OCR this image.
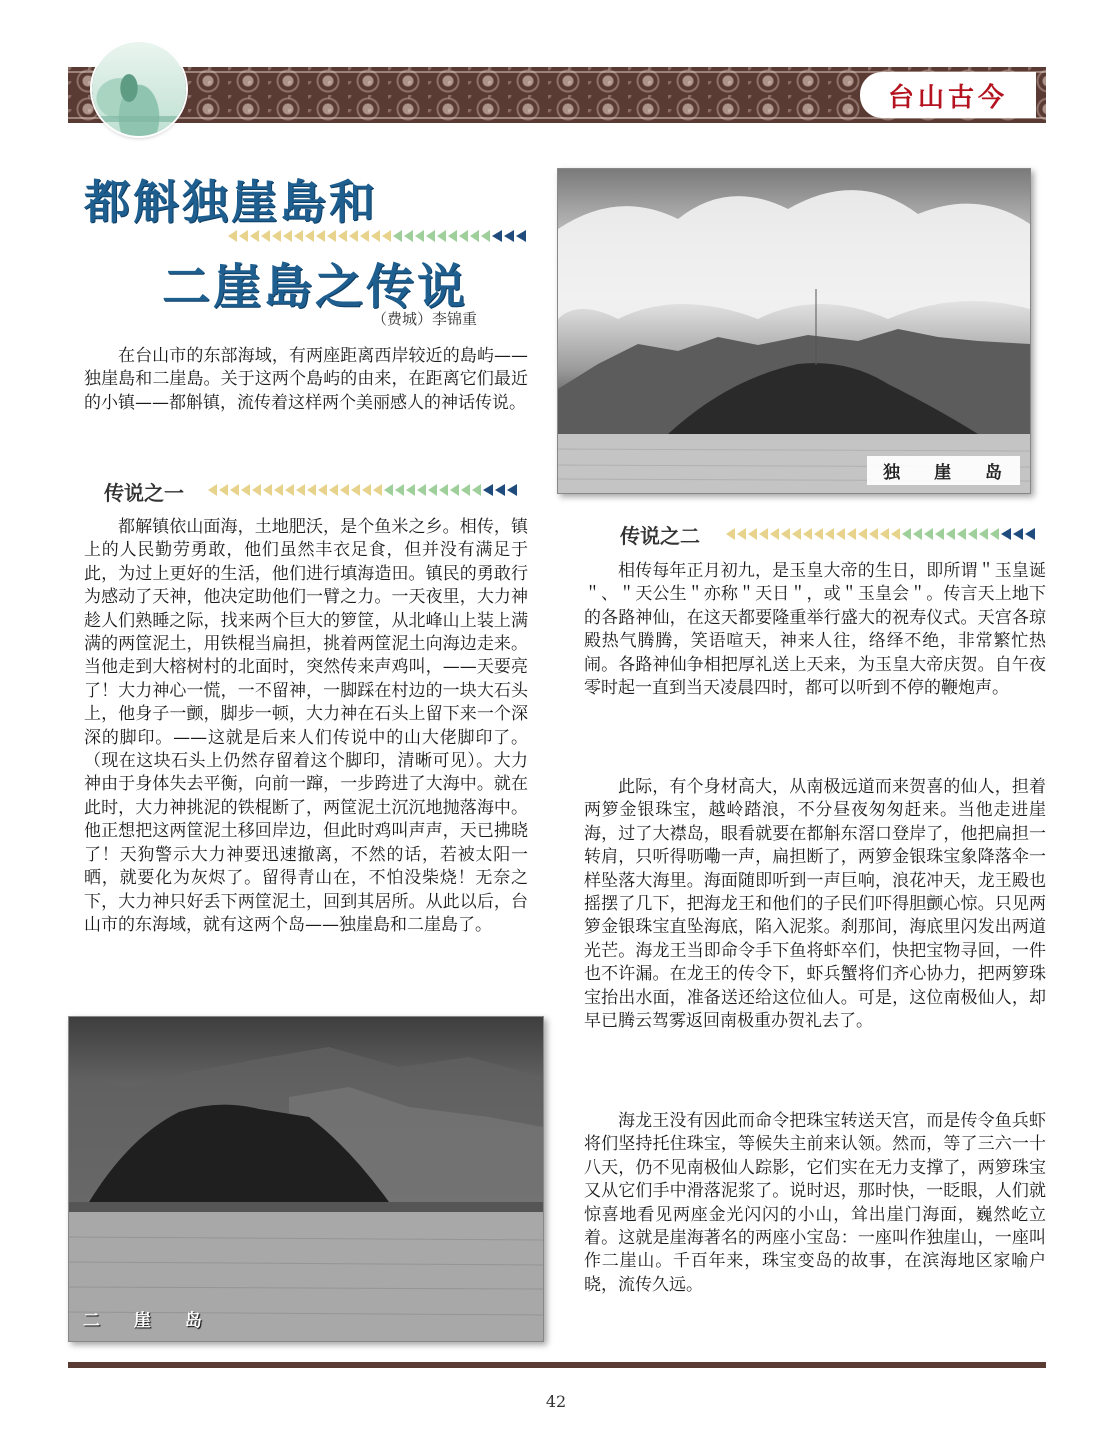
台山古今
都斛独崖島和
二崖島之传说
（费城）李锦重

在台山市的东部海域，有两座距离西岸较近的島屿——独崖島和二崖島。关于这两个島屿的由来，在距离它们最近的小镇——都斛镇，流传着这样两个美丽感人的神话传说。

传说之一

都解镇依山面海，土地肥沃，是个鱼米之乡。相传，镇上的人民勤劳勇敢，他们虽然丰衣足食，但并没有满足于此，为过上更好的生活，他们进行填海造田。镇民的勇敢行为感动了天神，他决定助他们一臂之力。一天夜里，大力神趁人们熟睡之际，找来两个巨大的箩筐，从北峰山上装上满满的两筐泥土，用铁棍当扁担，挑着两筐泥土向海边走来。当他走到大榕树村的北面时，突然传来声鸡叫，——天要亮了！大力神心一慌，一不留神，一脚踩在村边的一块大石头上，他身子一颤，脚步一顿，大力神在石头上留下来一个深深的脚印。——这就是后来人们传说中的山大佬脚印了。（现在这块石头上仍然存留着这个脚印，清晰可见）。大力神由于身体失去平衡，向前一蹿，一步跨进了大海中。就在此时，大力神挑泥的铁棍断了，两筐泥土沉沉地抛落海中。他正想把这两筐泥土移回岸边，但此时鸡叫声声，天已拂晓了！天狗警示大力神要迅速撤离，不然的话，若被太阳一晒，就要化为灰烬了。留得青山在，不怕没柴烧！无奈之下，大力神只好丢下两筐泥土，回到其居所。从此以后，台山市的东海域，就有这两个岛——独崖島和二崖島了。

独 崖 岛
传说之二

相传每年正月初九，是玉皇大帝的生日，即所谓＂玉皇诞＂、＂天公生＂亦称＂天日＂，或＂玉皇会＂。传言天上地下的各路神仙，在这天都要隆重举行盛大的祝寿仪式。天宫各琼殿热气腾腾，笑语喧天，神来人往，络绎不绝，非常繁忙热闹。各路神仙争相把厚礼送上天来，为玉皇大帝庆贺。自午夜零时起一直到当天凌晨四时，都可以听到不停的鞭炮声。

此际，有个身材高大，从南极远道而来贺喜的仙人，担着两箩金银珠宝，越岭踏浪，不分昼夜匆匆赶来。当他走进崖海，过了大襟岛，眼看就要在都斛东滘口登岸了，他把扁担一转肩，只听得呖嘞一声，扁担断了，两箩金银珠宝象降落伞一样坠落大海里。海面随即听到一声巨响，浪花冲天，龙王殿也摇摆了几下，把海龙王和他们的子民们吓得胆颤心惊。只见两箩金银珠宝直坠海底，陷入泥浆。刹那间，海底里闪发出两道光芒。海龙王当即命令手下鱼将虾卒们，快把宝物寻回，一件也不许漏。在龙王的传令下，虾兵蟹将们齐心协力，把两箩珠宝抬出水面，准备送还给这位仙人。可是，这位南极仙人，却早已腾云驾雾返回南极重办贺礼去了。

海龙王没有因此而命令把珠宝转送天宫，而是传令鱼兵虾将们坚持托住珠宝，等候失主前来认领。然而，等了三六一十八天，仍不见南极仙人踪影，它们实在无力支撑了，两箩珠宝又从它们手中滑落泥浆了。说时迟，那时快，一眨眼，人们就惊喜地看见两座金光闪闪的小山，耸出崖门海面，巍然屹立着。这就是崖海著名的两座小宝岛：一座叫作独崖山，一座叫作二崖山。千百年来，珠宝变岛的故事，在滨海地区家喻户晓，流传久远。

二 崖 岛
42
